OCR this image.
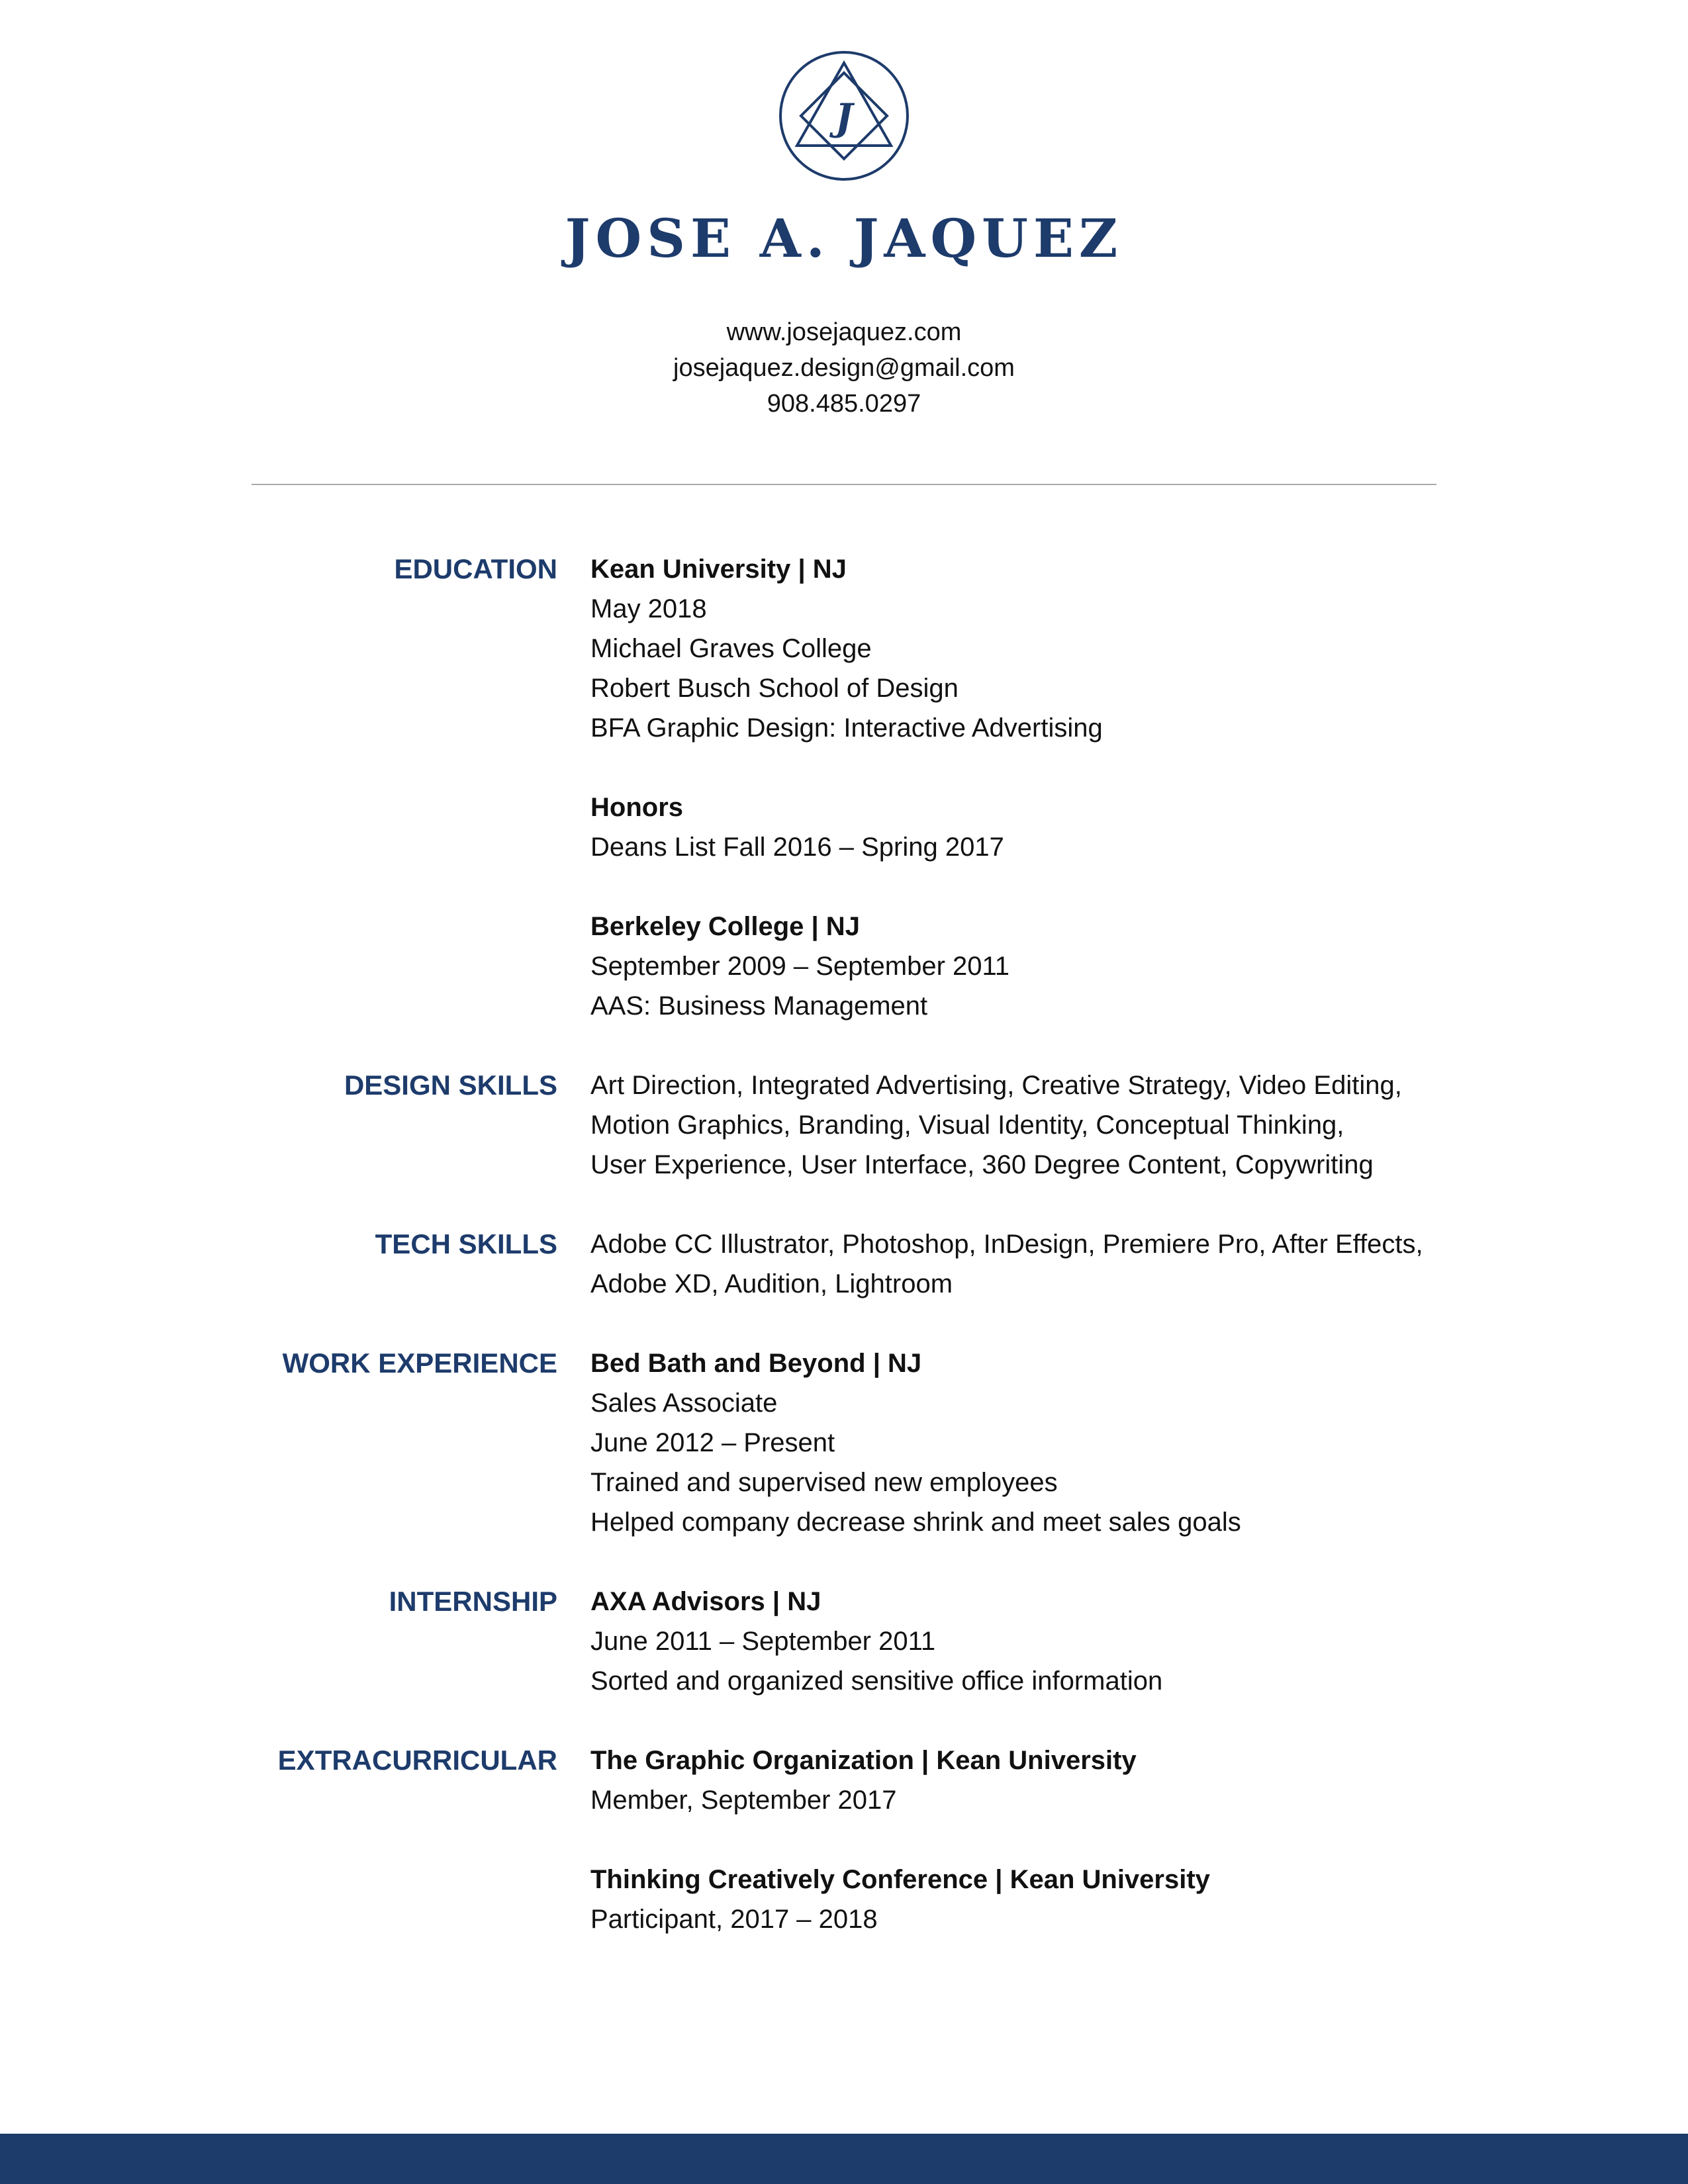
J
JOSE A. JAQUEZ
www.josejaquez.com
josejaquez.design@gmail.com
908.485.0297
EDUCATION Kean University | NJ
May 2018
Michael Graves College
Robert Busch School of Design
BFA Graphic Design: Interactive Advertising
Honors
Deans List Fall 2016 – Spring 2017
Berkeley College | NJ
September 2009 – September 2011
AAS: Business Management
DESIGN SKILLS Art Direction, Integrated Advertising, Creative Strategy, Video Editing,
Motion Graphics, Branding, Visual Identity, Conceptual Thinking,
User Experience, User Interface, 360 Degree Content, Copywriting
TECH SKILLS Adobe CC Illustrator, Photoshop, InDesign, Premiere Pro, After Effects,
Adobe XD, Audition, Lightroom
WORK EXPERIENCE Bed Bath and Beyond | NJ
Sales Associate
June 2012 – Present
Trained and supervised new employees
Helped company decrease shrink and meet sales goals
INTERNSHIP AXA Advisors | NJ
June 2011 – September 2011
Sorted and organized sensitive office information
EXTRACURRICULAR The Graphic Organization | Kean University
Member, September 2017
Thinking Creatively Conference | Kean University
Participant, 2017 – 2018
